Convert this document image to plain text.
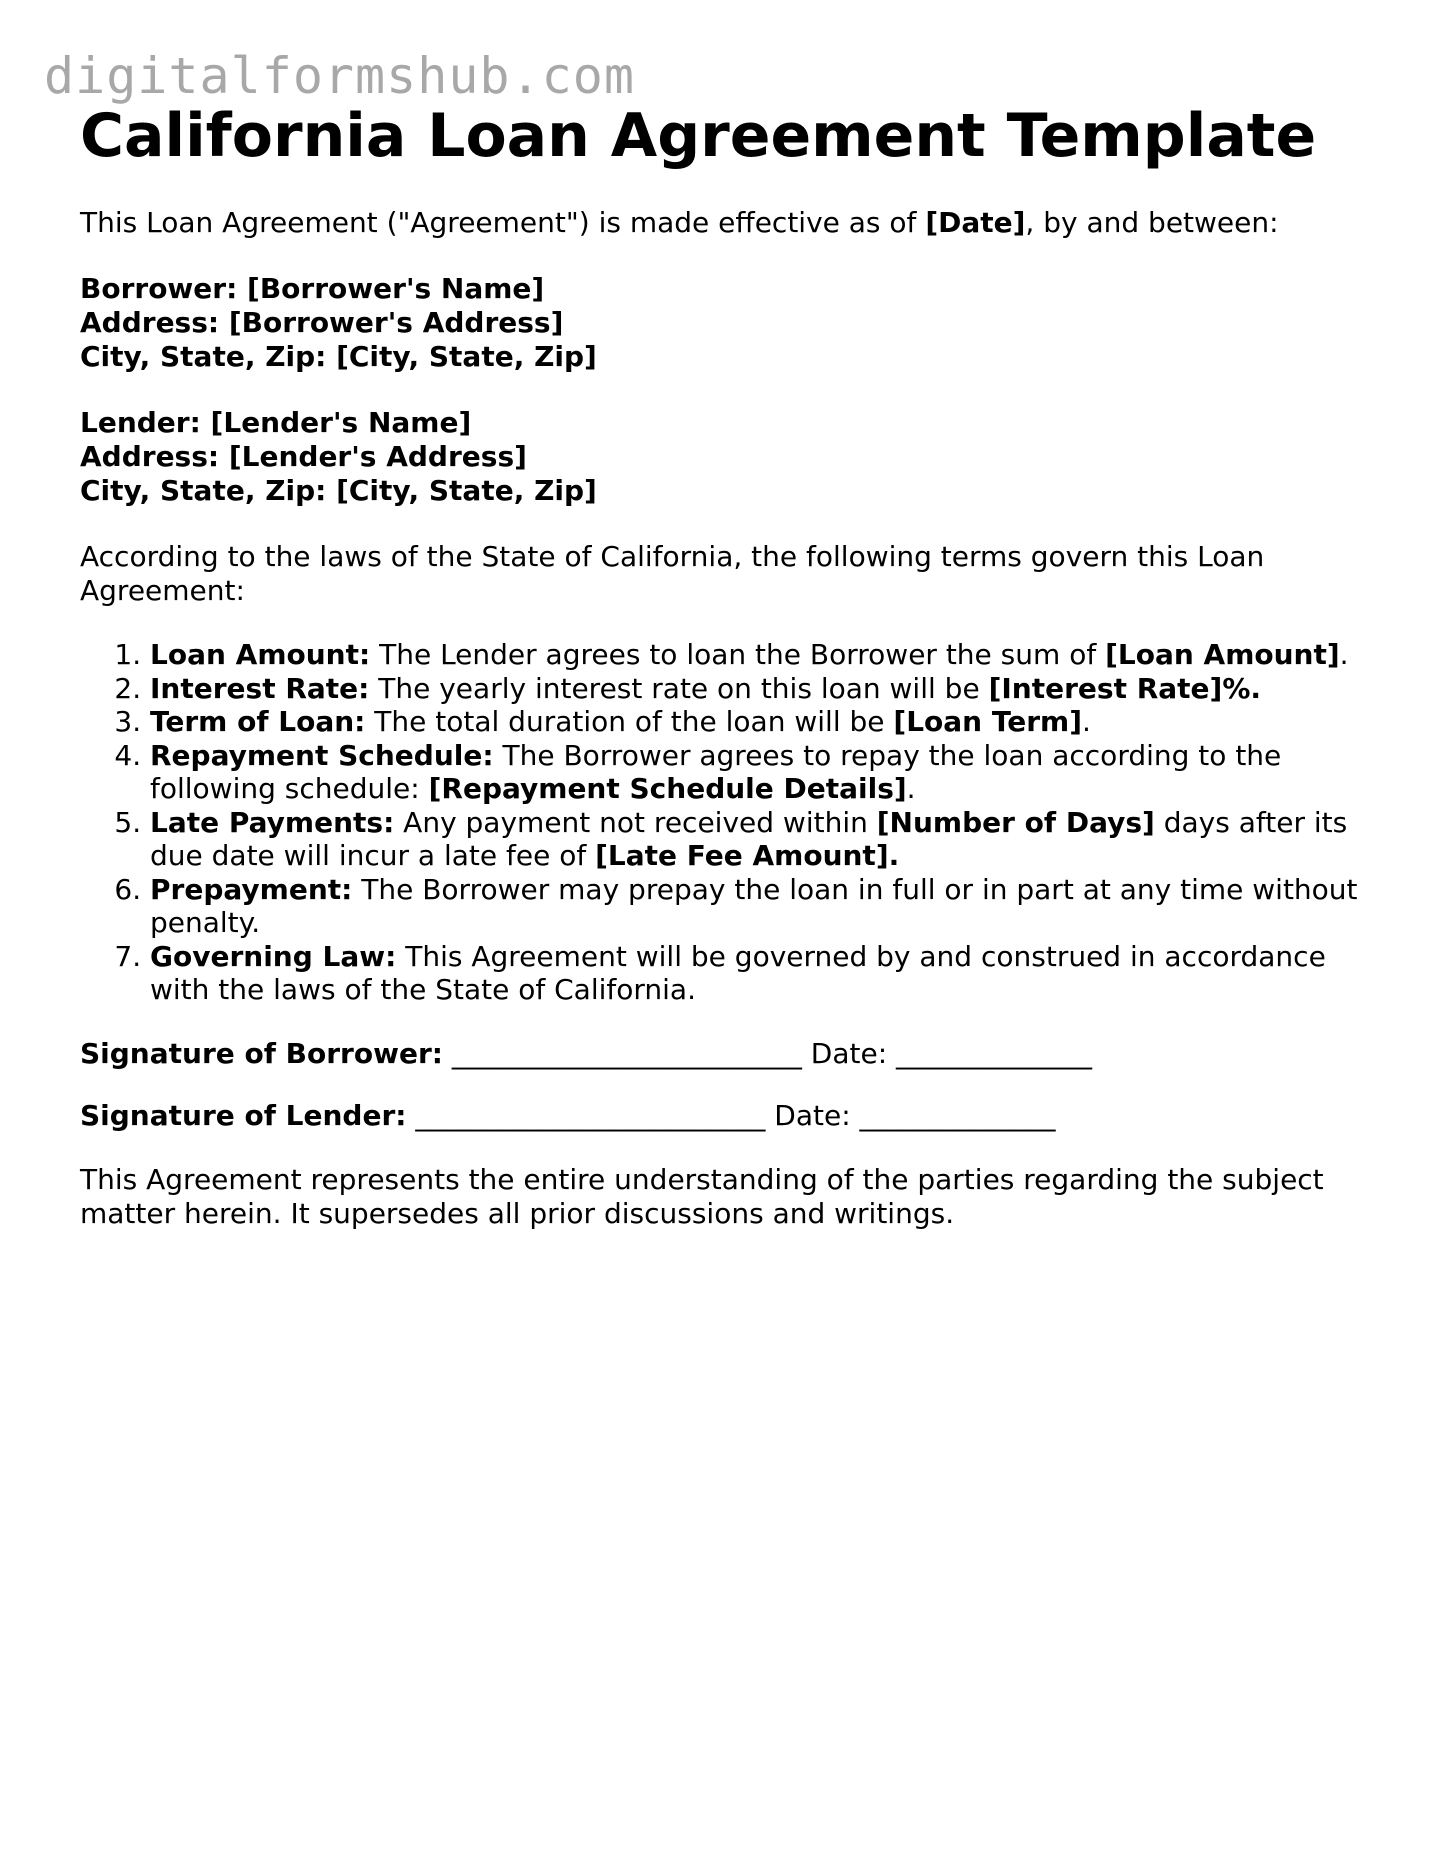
digitalformshub.com
California Loan Agreement Template

This Loan Agreement ("Agreement") is made effective as of [Date], by and between:

Borrower: [Borrower's Name]
Address: [Borrower's Address]
City, State, Zip: [City, State, Zip]
Lender: [Lender's Name]
Address: [Lender's Address]
City, State, Zip: [City, State, Zip]

According to the laws of the State of California, the following terms govern this Loan Agreement:

1. Loan Amount: The Lender agrees to loan the Borrower the sum of [Loan Amount].
2. Interest Rate: The yearly interest rate on this loan will be [Interest Rate]%.
3. Term of Loan: The total duration of the loan will be [Loan Term].
4. Repayment Schedule: The Borrower agrees to repay the loan according to the following schedule: [Repayment Schedule Details].
5. Late Payments: Any payment not received within [Number of Days] days after its due date will incur a late fee of [Late Fee Amount].
6. Prepayment: The Borrower may prepay the loan in full or in part at any time without penalty.
7. Governing Law: This Agreement will be governed by and construed in accordance with the laws of the State of California.
Signature of Borrower: _________________________ Date: ______________
Signature of Lender: _________________________ Date: ______________

This Agreement represents the entire understanding of the parties regarding the subject matter herein. It supersedes all prior discussions and writings.
